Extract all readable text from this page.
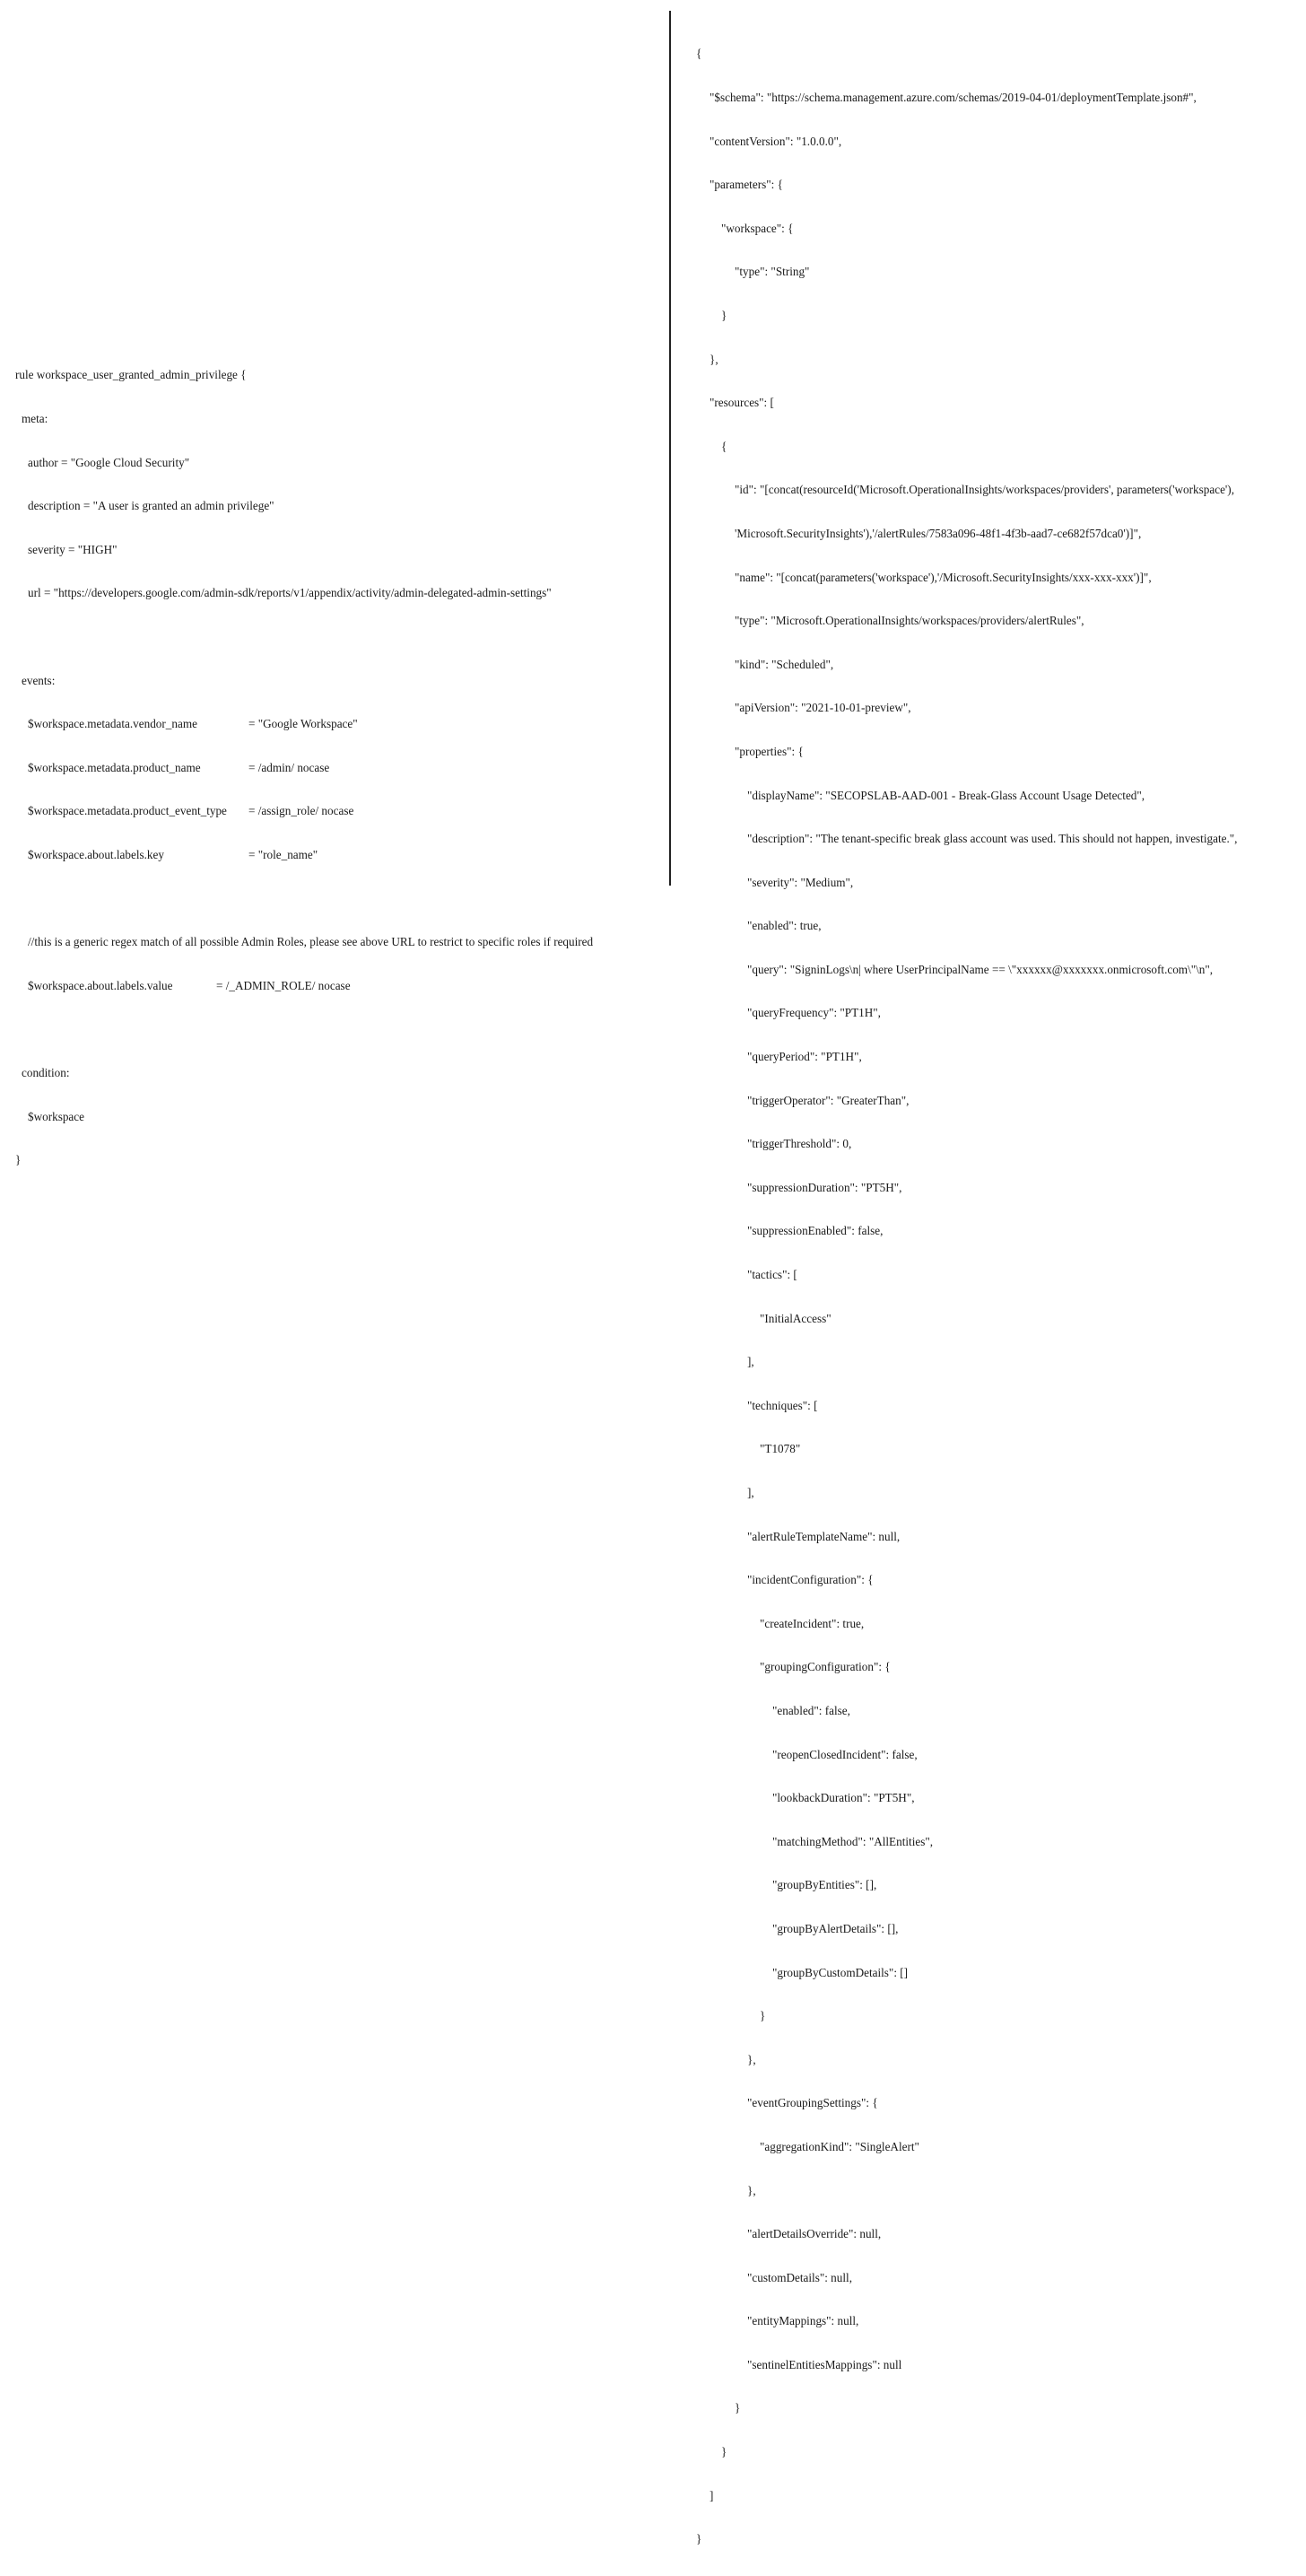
rule workspace_user_granted_admin_privilege {

meta:

author = "Google Cloud Security"

description = "A user is granted an admin privilege"

severity = "HIGH"

url = "https://developers.google.com/admin-sdk/reports/v1/appendix/activity/admin-delegated-admin-settings"

events:

$workspace.metadata.vendor_name	= "Google Workspace"

$workspace.metadata.product_name	= /admin/ nocase

$workspace.metadata.product_event_type = /assign_role/ nocase

$workspace.about.labels.key	= "role_name"

//this is a generic regex match of all possible Admin Roles, please see above URL to restrict to specific roles if required

$workspace.about.labels.value	= /_ADMIN_ROLE/ nocase

condition:

$workspace

}

{

"$schema": "https://schema.management.azure.com/schemas/2019-04-01/deploymentTemplate.json#",

"contentVersion": "1.0.0.0",

"parameters": {

"workspace": {

"type": "String"

}

},

"resources": [

{

"id": "[concat(resourceId('Microsoft.OperationalInsights/workspaces/providers', parameters('workspace'),

'Microsoft.SecurityInsights'),'/alertRules/7583a096-48f1-4f3b-aad7-ce682f57dca0')]",

"name": "[concat(parameters('workspace'),'/Microsoft.SecurityInsights/xxx-xxx-xxx')]",

"type": "Microsoft.OperationalInsights/workspaces/providers/alertRules",

"kind": "Scheduled",

"apiVersion": "2021-10-01-preview",

"properties": {

"displayName": "SECOPSLAB-AAD-001 - Break-Glass Account Usage Detected",

"description": "The tenant-specific break glass account was used. This should not happen, investigate.",

"severity": "Medium",

"enabled": true,

"query": "SigninLogs\n| where UserPrincipalName == \"xxxxxx@xxxxxxx.onmicrosoft.com\"\n",

"queryFrequency": "PT1H",

"queryPeriod": "PT1H",

"triggerOperator": "GreaterThan",

"triggerThreshold": 0,

"suppressionDuration": "PT5H",

"suppressionEnabled": false,

"tactics": [

"InitialAccess"

],

"techniques": [

"T1078"

],

"alertRuleTemplateName": null,

"incidentConfiguration": {

"createIncident": true,

"groupingConfiguration": {

"enabled": false,

"reopenClosedIncident": false,

"lookbackDuration": "PT5H",

"matchingMethod": "AllEntities",

"groupByEntities": [],

"groupByAlertDetails": [],

"groupByCustomDetails": []

}

},

"eventGroupingSettings": {

"aggregationKind": "SingleAlert"

},

"alertDetailsOverride": null,

"customDetails": null,

"entityMappings": null,

"sentinelEntitiesMappings": null

}

}

]

}
